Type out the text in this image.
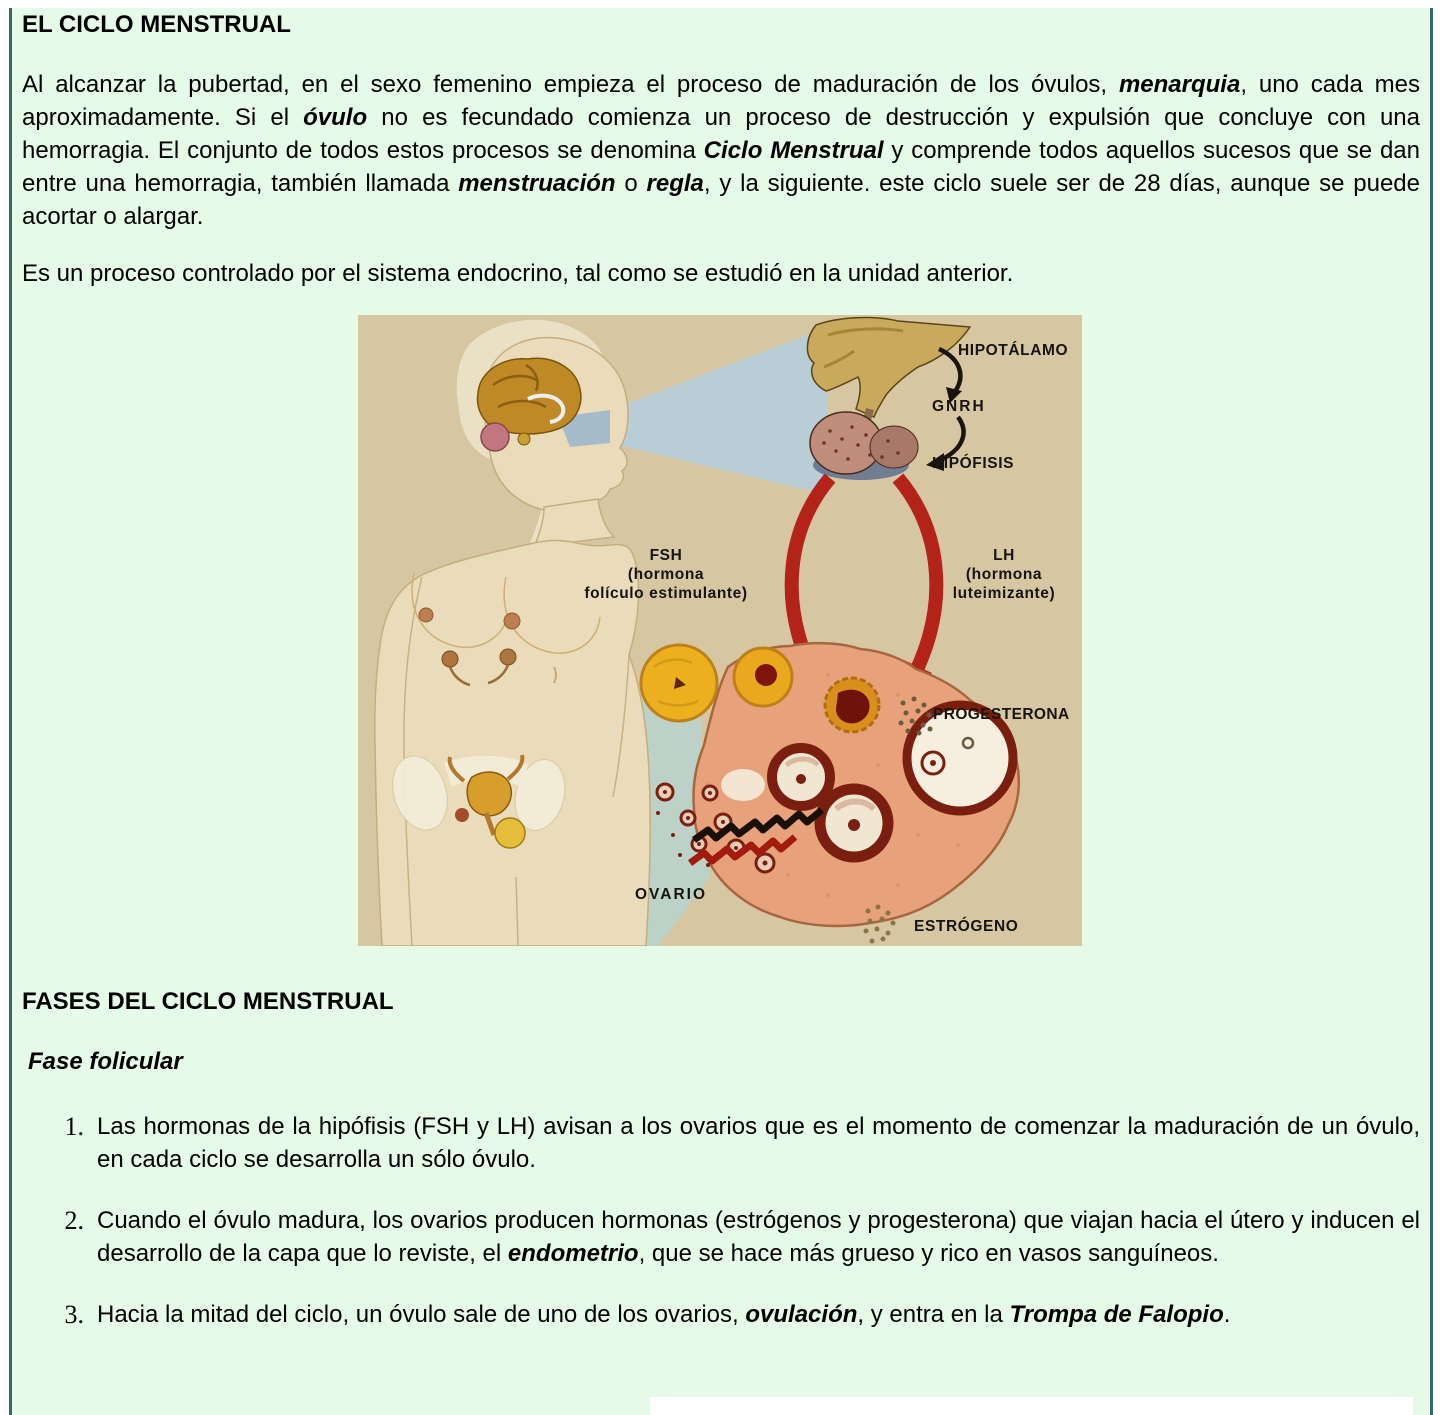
EL CICLO MENSTRUAL

Al alcanzar la pubertad, en el sexo femenino empieza el proceso de maduración de los óvulos, menarquia, uno cada mes aproximadamente. Si el óvulo no es fecundado comienza un proceso de destrucción y expulsión que concluye con una hemorragia. El conjunto de todos estos procesos se denomina Ciclo Menstrual y comprende todos aquellos sucesos que se dan entre una hemorragia, también llamada menstruación o regla, y la siguiente. este ciclo suele ser de 28 días, aunque se puede acortar o alargar.

Es un proceso controlado por el sistema endocrino, tal como se estudió en la unidad anterior.

HIPOTÁLAMO
GNRH
HIPÓFISIS
FSH
(hormona
folículo estimulante)
LH
(hormona
luteimizante)
PROGESTERONA
OVARIO
ESTRÓGENO
FASES DEL CICLO MENSTRUAL
Fase folicular
1. Las hormonas de la hipófisis (FSH y LH) avisan a los ovarios que es el momento de comenzar la maduración de un óvulo, en cada ciclo se desarrolla un sólo óvulo.
2. Cuando el óvulo madura, los ovarios producen hormonas (estrógenos y progesterona) que viajan hacia el útero y inducen el desarrollo de la capa que lo reviste, el endometrio, que se hace más grueso y rico en vasos sanguíneos.
3. Hacia la mitad del ciclo, un óvulo sale de uno de los ovarios, ovulación, y entra en la Trompa de Falopio.
